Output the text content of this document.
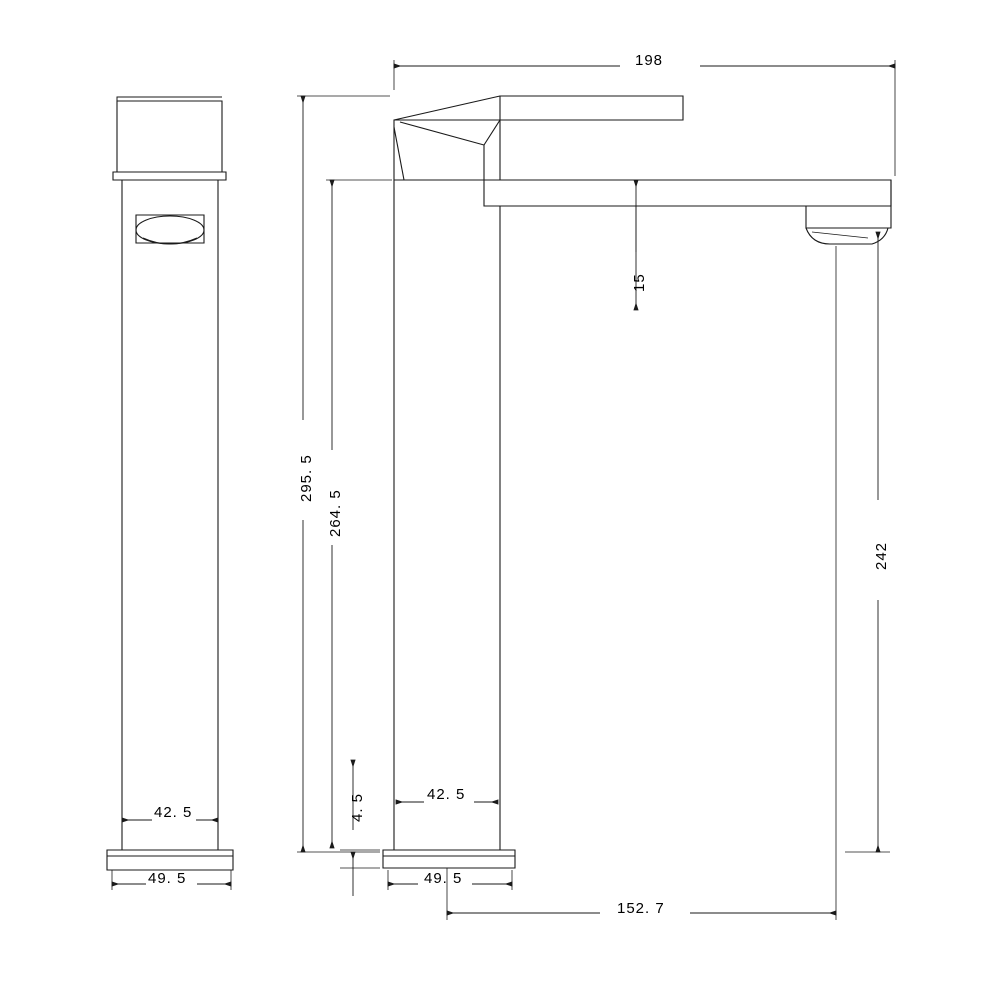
198
15
295. 5
264. 5
4. 5
242
42. 5
49. 5
42. 5
49. 5
152. 7
